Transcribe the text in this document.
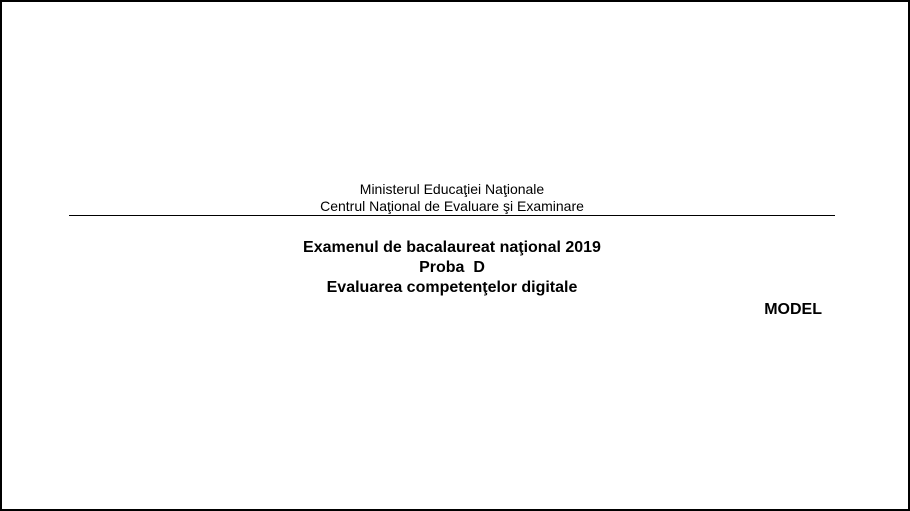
Ministerul Educaţiei Naţionale
Centrul Naţional de Evaluare şi Examinare
Examenul de bacalaureat naţional 2019
Proba  D
Evaluarea competenţelor digitale
MODEL
